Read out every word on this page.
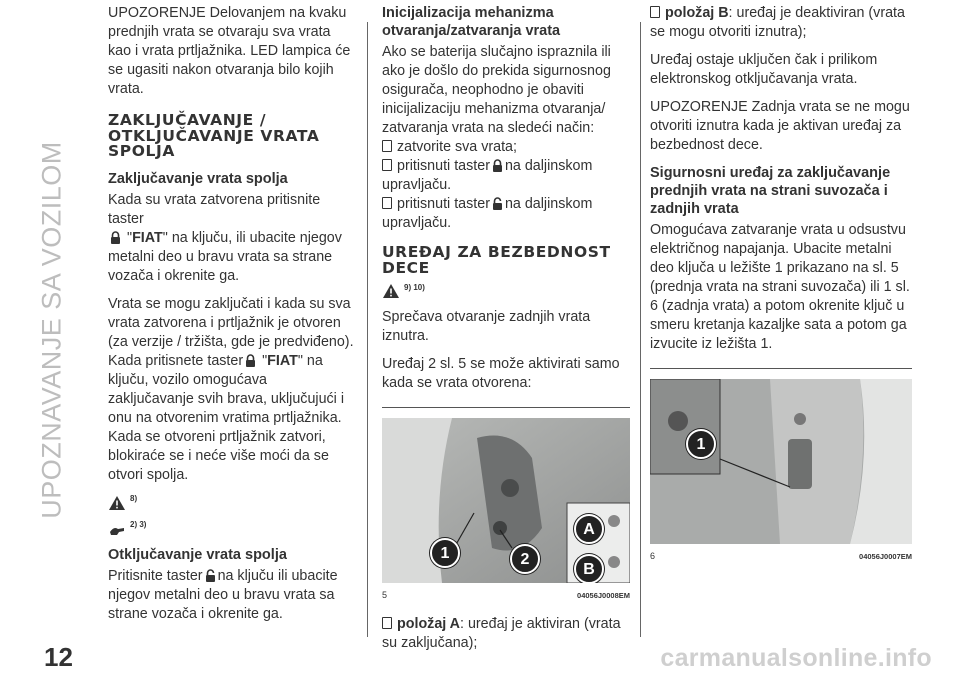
UPOZNAVANJE SA VOZILOM
12	carmanualsonline.info

UPOZORENJE Delovanjem na kvaku prednjih vrata se otvaraju sva vrata kao i vrata prtljažnika. LED lampica će se ugasiti nakon otvaranja bilo kojih vrata.

ZAKLJUČAVANJE / OTKLJUČAVANJE VRATA SPOLJA
Zaključavanje vrata spolja

Kada su vrata zatvorena pritisnite taster
"FIAT" na ključu, ili ubacite njegov metalni deo u bravu vrata sa strane vozača i okrenite ga.

Vrata se mogu zaključati i kada su sva vrata zatvorena i prtljažnik je otvoren (za verzije / tržišta, gde je predviđeno). Kada pritisnete taster "FIAT" na ključu, vozilo omogućava zaključavanje svih brava, uključujući i onu na otvorenim vratima prtljažnika. Kada se otvoreni prtljažnik zatvori, blokiraće se i neće više moći da se otvori spolja.

8)
2) 3)
Otključavanje vrata spolja

Pritisnite taster na ključu ili ubacite njegov metalni deo u bravu vrata sa strane vozača i okrenite ga.

Inicijalizacija mehanizma otvaranja/zatvaranja vrata

Ako se baterija slučajno ispraznila ili ako je došlo do prekida sigurnosnog osigurača, neophodno je obaviti inicijalizaciju mehanizma otvaranja/ zatvaranja vrata na sledeći način:

zatvorite sva vrata;
pritisnuti taster na daljinskom upravljaču.
pritisnuti taster na daljinskom upravljaču.
UREĐAJ ZA BEZBEDNOST DECE
9) 10)

Sprečava otvaranje zadnjih vrata iznutra.

Uređaj 2 sl. 5 se može aktivirati samo kada se vrata otvorena:

A
B
1	2
5	04056J0008EM

položaj A: uređaj je aktiviran (vrata su zaključana);

položaj B: uređaj je deaktiviran (vrata se mogu otvoriti iznutra);

Uređaj ostaje uključen čak i prilikom elektronskog otključavanja vrata.

UPOZORENJE Zadnja vrata se ne mogu otvoriti iznutra kada je aktivan uređaj za bezbednost dece.

Sigurnosni uređaj za zaključavanje prednjih vrata na strani suvozača i zadnjih vrata

Omogućava zatvaranje vrata u odsustvu električnog napajanja. Ubacite metalni deo ključa u ležište 1 prikazano na sl. 5 (prednja vrata na strani suvozača) ili 1 sl. 6 (zadnja vrata) a potom okrenite ključ u smeru kretanja kazaljke sata a potom ga izvucite iz ležišta 1.

1
6	04056J0007EM
